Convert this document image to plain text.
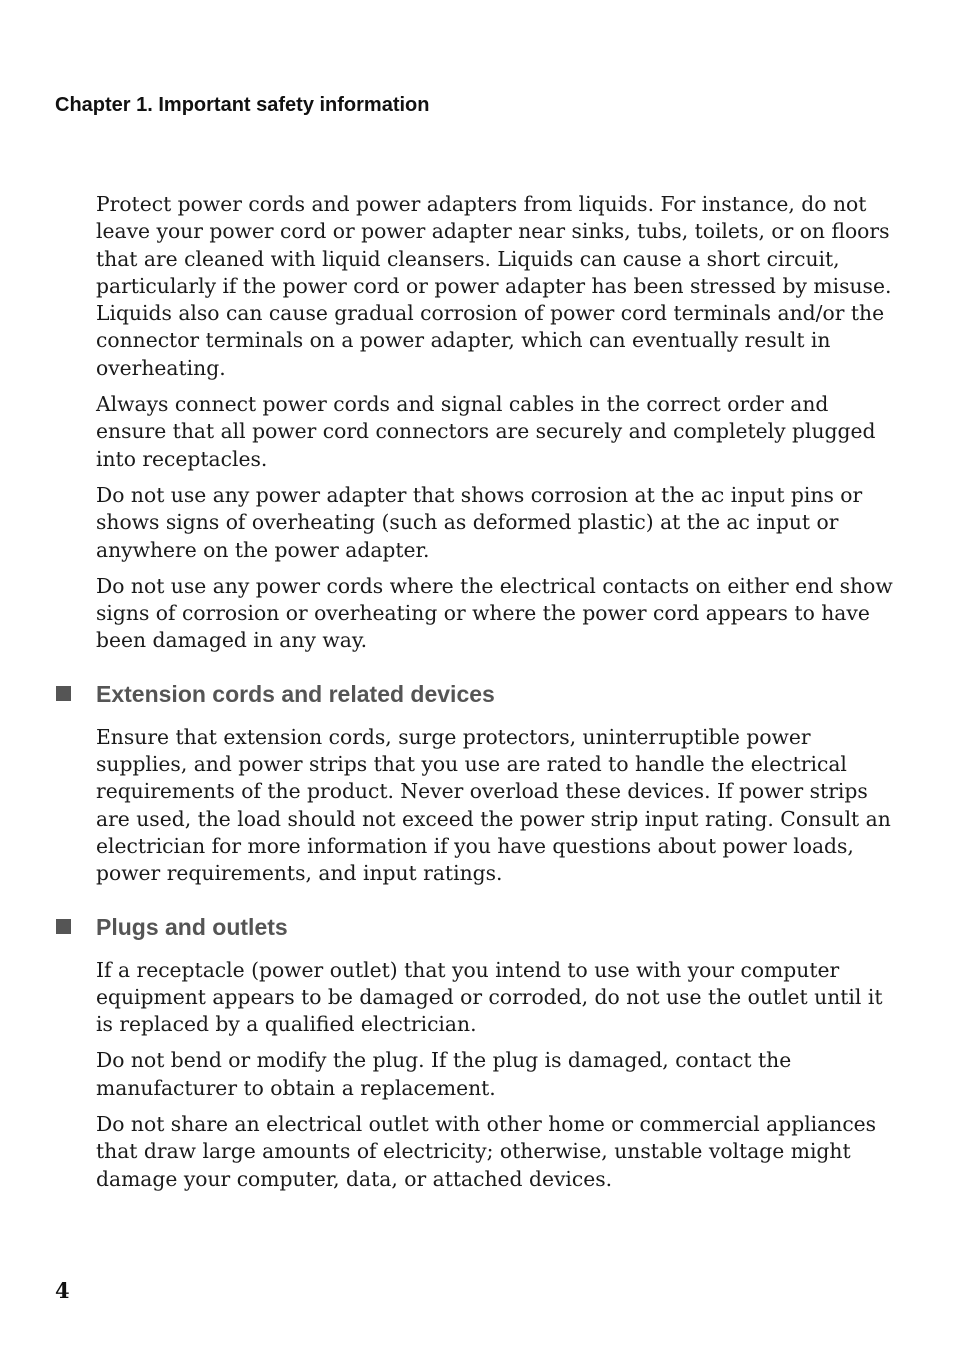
Chapter 1. Important safety information
Protect power cords and power adapters from liquids. For instance, do not
leave your power cord or power adapter near sinks, tubs, toilets, or on floors
that are cleaned with liquid cleansers. Liquids can cause a short circuit,
particularly if the power cord or power adapter has been stressed by misuse.
Liquids also can cause gradual corrosion of power cord terminals and/or the
connector terminals on a power adapter, which can eventually result in
overheating.
Always connect power cords and signal cables in the correct order and
ensure that all power cord connectors are securely and completely plugged
into receptacles.
Do not use any power adapter that shows corrosion at the ac input pins or
shows signs of overheating (such as deformed plastic) at the ac input or
anywhere on the power adapter.
Do not use any power cords where the electrical contacts on either end show
signs of corrosion or overheating or where the power cord appears to have
been damaged in any way.
Extension cords and related devices
Ensure that extension cords, surge protectors, uninterruptible power
supplies, and power strips that you use are rated to handle the electrical
requirements of the product. Never overload these devices. If power strips
are used, the load should not exceed the power strip input rating. Consult an
electrician for more information if you have questions about power loads,
power requirements, and input ratings.
Plugs and outlets
If a receptacle (power outlet) that you intend to use with your computer
equipment appears to be damaged or corroded, do not use the outlet until it
is replaced by a qualified electrician.
Do not bend or modify the plug. If the plug is damaged, contact the
manufacturer to obtain a replacement.
Do not share an electrical outlet with other home or commercial appliances
that draw large amounts of electricity; otherwise, unstable voltage might
damage your computer, data, or attached devices.
4
